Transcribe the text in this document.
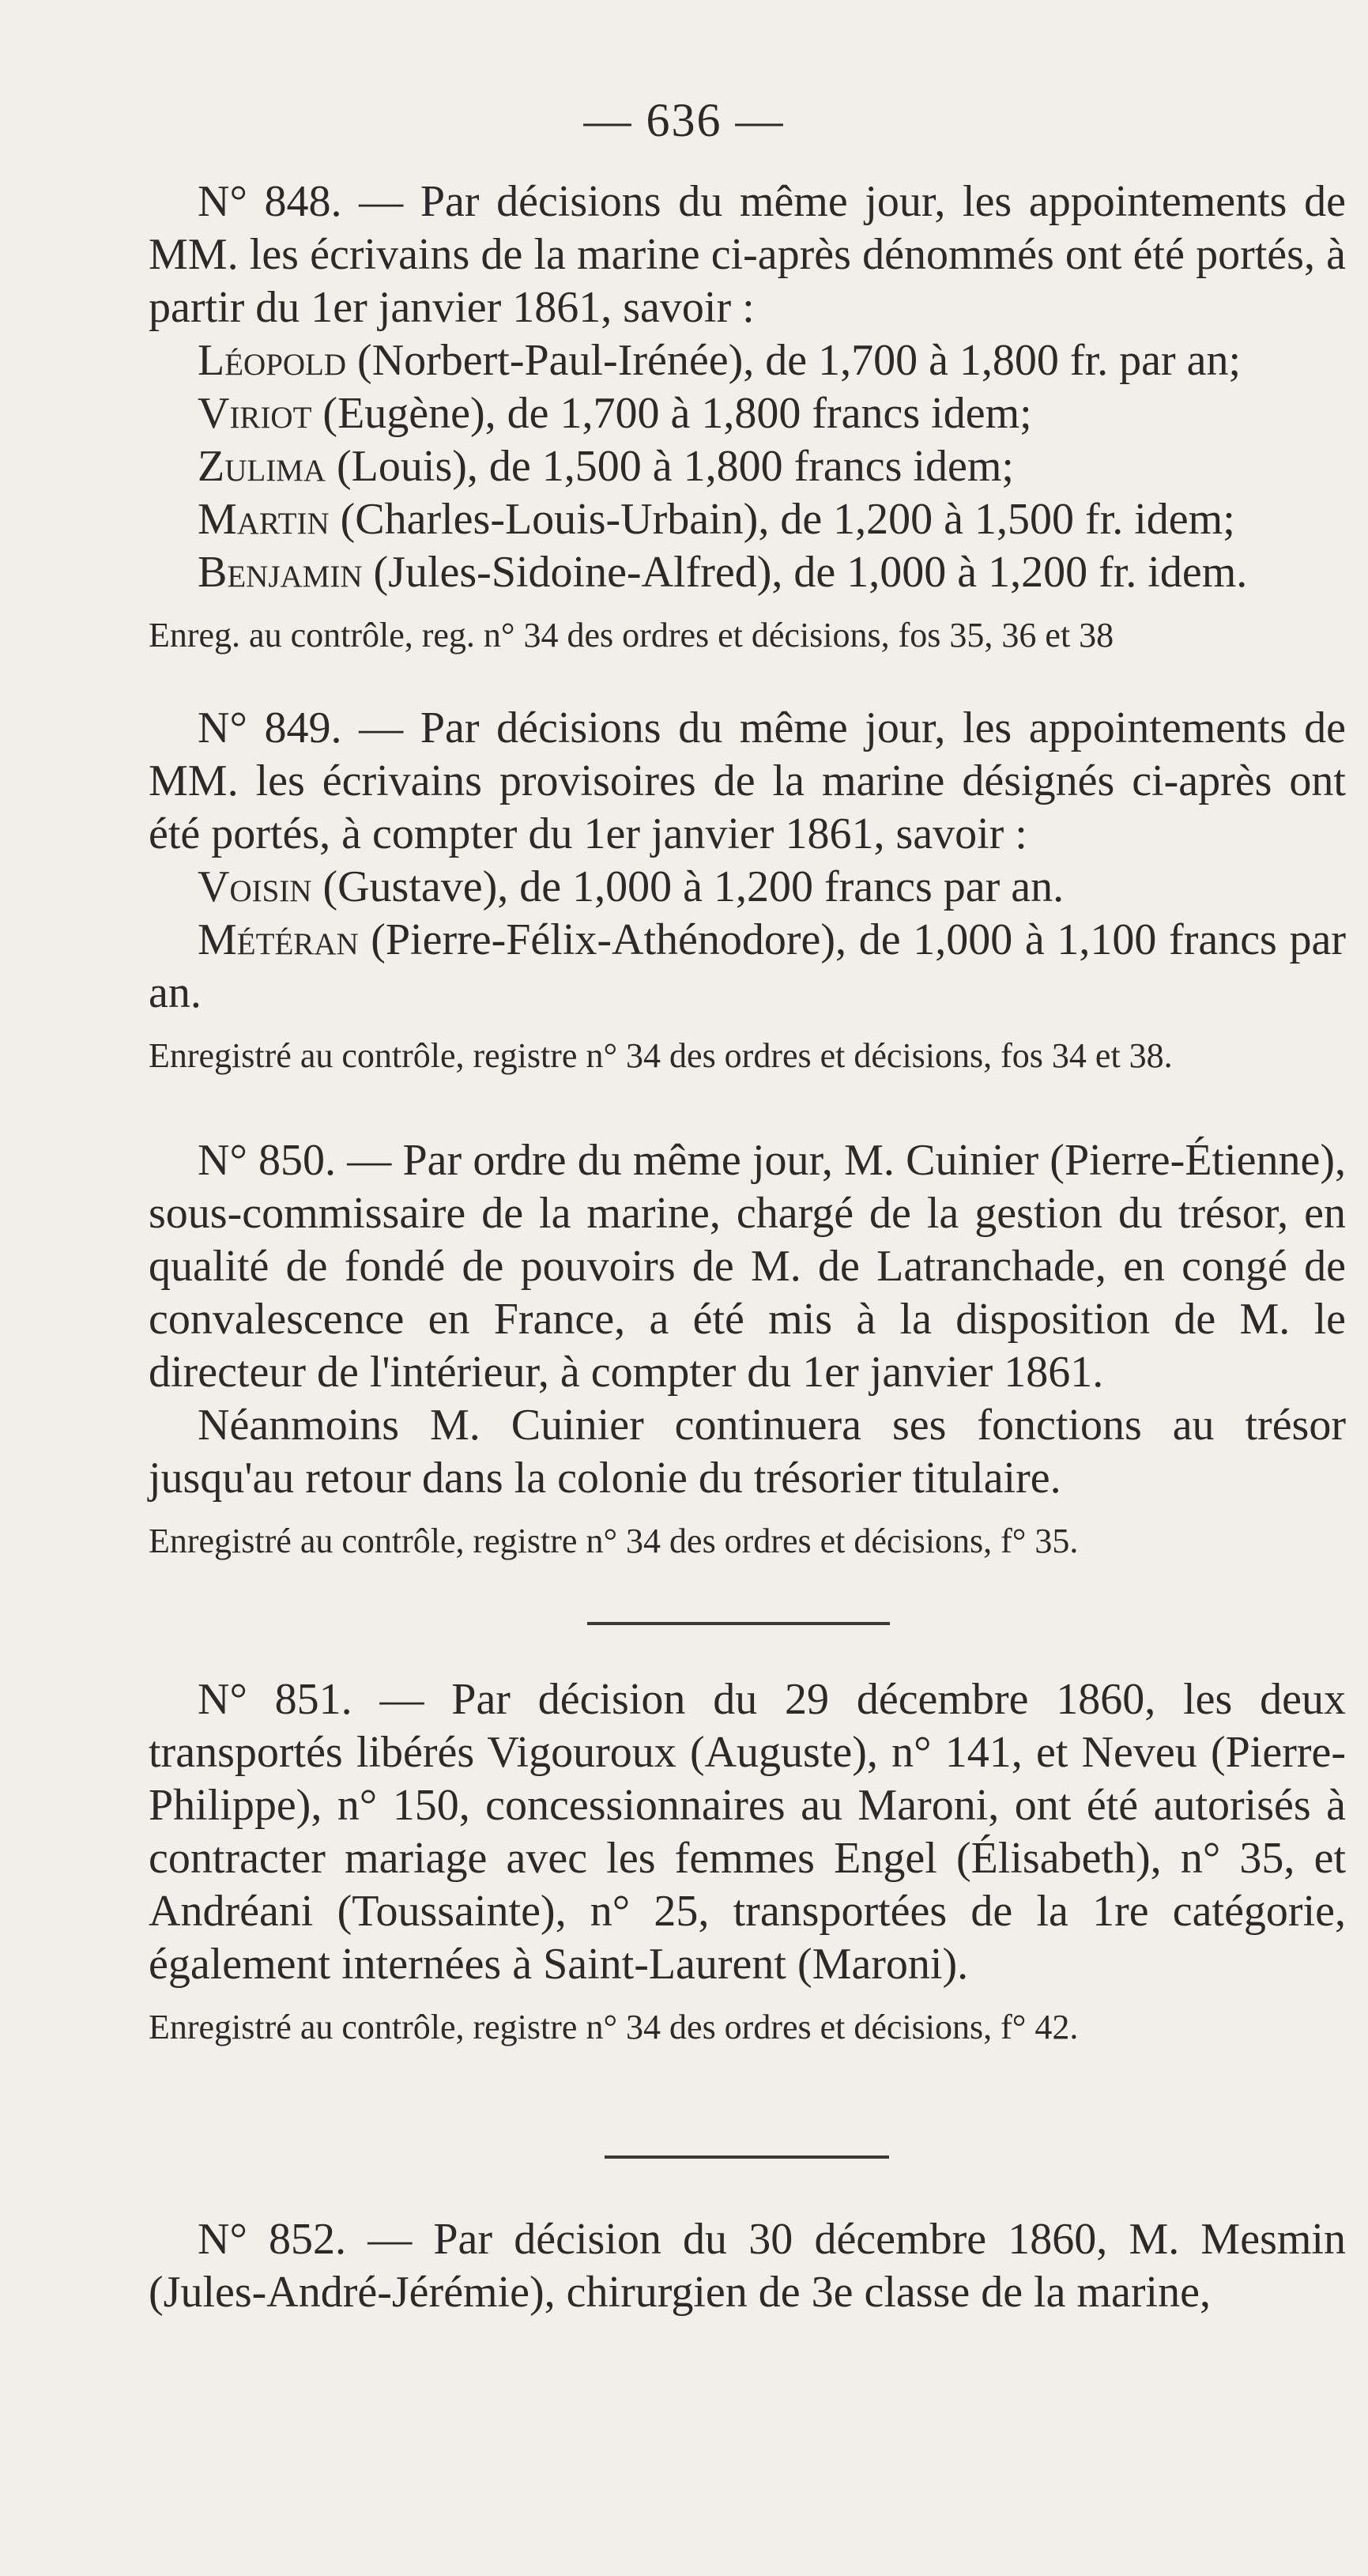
— 636 —
N° 848. — Par décisions du même jour, les appointements de MM. les écrivains de la marine ci-après dénommés ont été portés, à partir du 1er janvier 1861, savoir :
Léopold (Norbert-Paul-Irénée), de 1,700 à 1,800 fr. par an;
Viriot (Eugène), de 1,700 à 1,800 francs idem;
Zulima (Louis), de 1,500 à 1,800 francs idem;
Martin (Charles-Louis-Urbain), de 1,200 à 1,500 fr. idem;
Benjamin (Jules-Sidoine-Alfred), de 1,000 à 1,200 fr. idem.
Enreg. au contrôle, reg. n° 34 des ordres et décisions, fos 35, 36 et 38
N° 849. — Par décisions du même jour, les appointements de MM. les écrivains provisoires de la marine désignés ci-après ont été portés, à compter du 1er janvier 1861, savoir :
Voisin (Gustave), de 1,000 à 1,200 francs par an.
Météran (Pierre-Félix-Athénodore), de 1,000 à 1,100 francs par an.
Enregistré au contrôle, registre n° 34 des ordres et décisions, fos 34 et 38.
N° 850. — Par ordre du même jour, M. Cuinier (Pierre-Étienne), sous-commissaire de la marine, chargé de la gestion du trésor, en qualité de fondé de pouvoirs de M. de Latranchade, en congé de convalescence en France, a été mis à la disposition de M. le directeur de l'intérieur, à compter du 1er janvier 1861.
Néanmoins M. Cuinier continuera ses fonctions au trésor jusqu'au retour dans la colonie du trésorier titulaire.
Enregistré au contrôle, registre n° 34 des ordres et décisions, f° 35.
N° 851. — Par décision du 29 décembre 1860, les deux transportés libérés Vigouroux (Auguste), n° 141, et Neveu (Pierre-Philippe), n° 150, concessionnaires au Maroni, ont été autorisés à contracter mariage avec les femmes Engel (Élisabeth), n° 35, et Andréani (Toussainte), n° 25, transportées de la 1re catégorie, également internées à Saint-Laurent (Maroni).
Enregistré au contrôle, registre n° 34 des ordres et décisions, f° 42.
N° 852. — Par décision du 30 décembre 1860, M. Mesmin (Jules-André-Jérémie), chirurgien de 3e classe de la marine,
